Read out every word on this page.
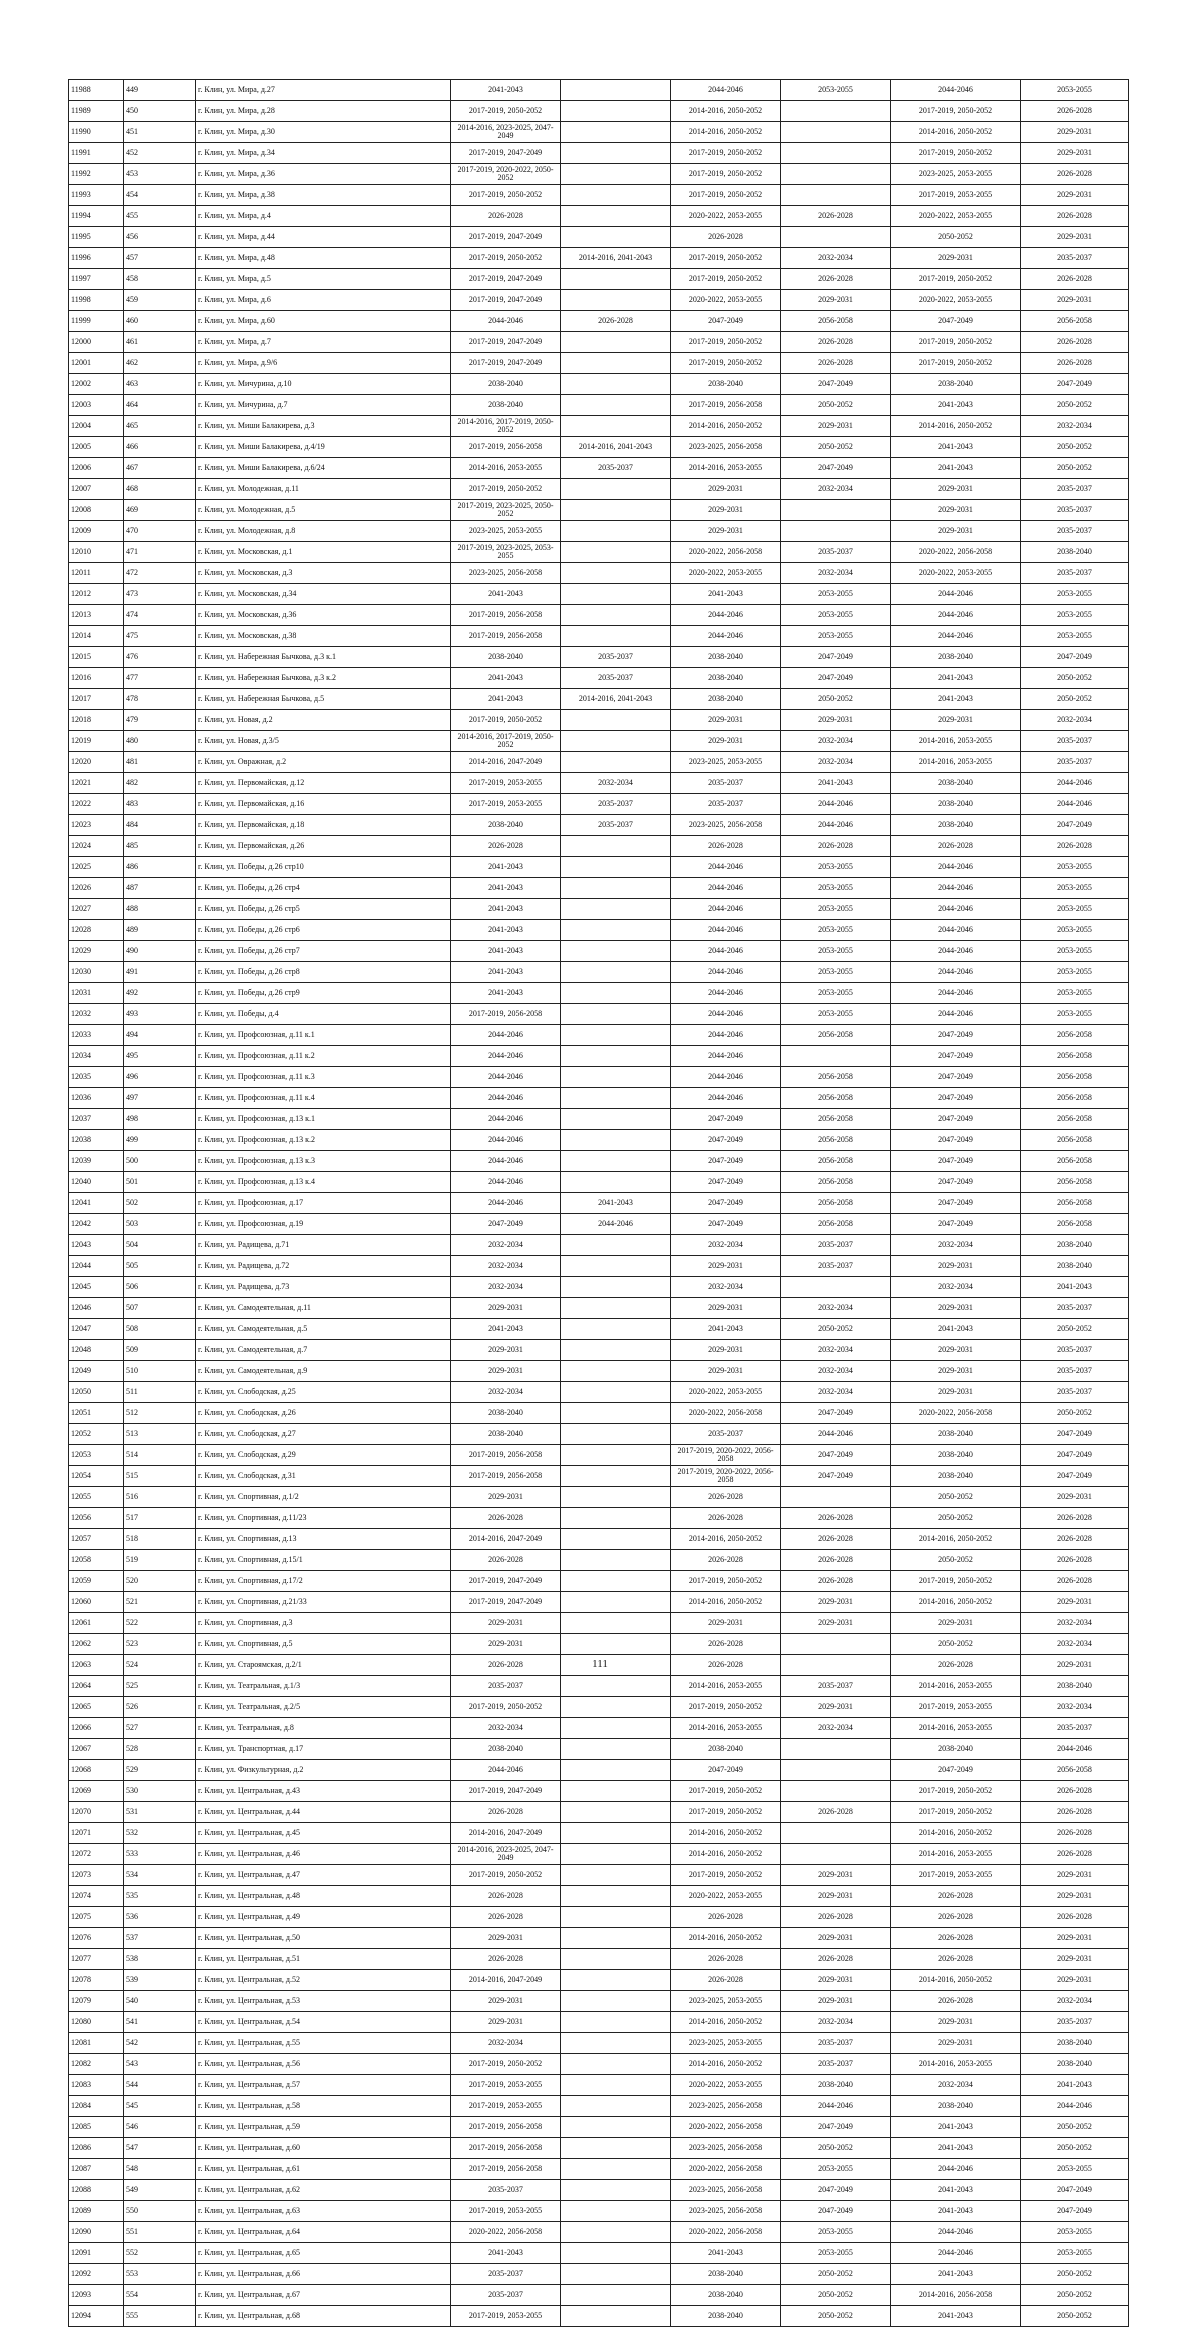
11988	449	г. Клин, ул. Мира, д.27	2041-2043		2044-2046	2053-2055	2044-2046	2053-2055
11989	450	г. Клин, ул. Мира, д.28	2017-2019, 2050-2052		2014-2016, 2050-2052		2017-2019, 2050-2052	2026-2028
11990	451	г. Клин, ул. Мира, д.30	2014-2016, 2023-2025, 2047-2049		2014-2016, 2050-2052		2014-2016, 2050-2052	2029-2031
11991	452	г. Клин, ул. Мира, д.34	2017-2019, 2047-2049		2017-2019, 2050-2052		2017-2019, 2050-2052	2029-2031
11992	453	г. Клин, ул. Мира, д.36	2017-2019, 2020-2022, 2050-2052		2017-2019, 2050-2052		2023-2025, 2053-2055	2026-2028
11993	454	г. Клин, ул. Мира, д.38	2017-2019, 2050-2052		2017-2019, 2050-2052		2017-2019, 2053-2055	2029-2031
11994	455	г. Клин, ул. Мира, д.4	2026-2028		2020-2022, 2053-2055	2026-2028	2020-2022, 2053-2055	2026-2028
11995	456	г. Клин, ул. Мира, д.44	2017-2019, 2047-2049		2026-2028		2050-2052	2029-2031
11996	457	г. Клин, ул. Мира, д.48	2017-2019, 2050-2052	2014-2016, 2041-2043	2017-2019, 2050-2052	2032-2034	2029-2031	2035-2037
11997	458	г. Клин, ул. Мира, д.5	2017-2019, 2047-2049		2017-2019, 2050-2052	2026-2028	2017-2019, 2050-2052	2026-2028
11998	459	г. Клин, ул. Мира, д.6	2017-2019, 2047-2049		2020-2022, 2053-2055	2029-2031	2020-2022, 2053-2055	2029-2031
11999	460	г. Клин, ул. Мира, д.60	2044-2046	2026-2028	2047-2049	2056-2058	2047-2049	2056-2058
12000	461	г. Клин, ул. Мира, д.7	2017-2019, 2047-2049		2017-2019, 2050-2052	2026-2028	2017-2019, 2050-2052	2026-2028
12001	462	г. Клин, ул. Мира, д.9/6	2017-2019, 2047-2049		2017-2019, 2050-2052	2026-2028	2017-2019, 2050-2052	2026-2028
12002	463	г. Клин, ул. Мичурина, д.10	2038-2040		2038-2040	2047-2049	2038-2040	2047-2049
12003	464	г. Клин, ул. Мичурина, д.7	2038-2040		2017-2019, 2056-2058	2050-2052	2041-2043	2050-2052
12004	465	г. Клин, ул. Миши Балакирева, д.3	2014-2016, 2017-2019, 2050-2052		2014-2016, 2050-2052	2029-2031	2014-2016, 2050-2052	2032-2034
12005	466	г. Клин, ул. Миши Балакирева, д.4/19	2017-2019, 2056-2058	2014-2016, 2041-2043	2023-2025, 2056-2058	2050-2052	2041-2043	2050-2052
12006	467	г. Клин, ул. Миши Балакирева, д.6/24	2014-2016, 2053-2055	2035-2037	2014-2016, 2053-2055	2047-2049	2041-2043	2050-2052
12007	468	г. Клин, ул. Молодежная, д.11	2017-2019, 2050-2052		2029-2031	2032-2034	2029-2031	2035-2037
12008	469	г. Клин, ул. Молодежная, д.5	2017-2019, 2023-2025, 2050-2052		2029-2031		2029-2031	2035-2037
12009	470	г. Клин, ул. Молодежная, д.8	2023-2025, 2053-2055		2029-2031		2029-2031	2035-2037
12010	471	г. Клин, ул. Московская, д.1	2017-2019, 2023-2025, 2053-2055		2020-2022, 2056-2058	2035-2037	2020-2022, 2056-2058	2038-2040
12011	472	г. Клин, ул. Московская, д.3	2023-2025, 2056-2058		2020-2022, 2053-2055	2032-2034	2020-2022, 2053-2055	2035-2037
12012	473	г. Клин, ул. Московская, д.34	2041-2043		2041-2043	2053-2055	2044-2046	2053-2055
12013	474	г. Клин, ул. Московская, д.36	2017-2019, 2056-2058		2044-2046	2053-2055	2044-2046	2053-2055
12014	475	г. Клин, ул. Московская, д.38	2017-2019, 2056-2058		2044-2046	2053-2055	2044-2046	2053-2055
12015	476	г. Клин, ул. Набережная Бычкова, д.3 к.1	2038-2040	2035-2037	2038-2040	2047-2049	2038-2040	2047-2049
12016	477	г. Клин, ул. Набережная Бычкова, д.3 к.2	2041-2043	2035-2037	2038-2040	2047-2049	2041-2043	2050-2052
12017	478	г. Клин, ул. Набережная Бычкова, д.5	2041-2043	2014-2016, 2041-2043	2038-2040	2050-2052	2041-2043	2050-2052
12018	479	г. Клин, ул. Новая, д.2	2017-2019, 2050-2052		2029-2031	2029-2031	2029-2031	2032-2034
12019	480	г. Клин, ул. Новая, д.3/5	2014-2016, 2017-2019, 2050-2052		2029-2031	2032-2034	2014-2016, 2053-2055	2035-2037
12020	481	г. Клин, ул. Овражная, д.2	2014-2016, 2047-2049		2023-2025, 2053-2055	2032-2034	2014-2016, 2053-2055	2035-2037
12021	482	г. Клин, ул. Первомайская, д.12	2017-2019, 2053-2055	2032-2034	2035-2037	2041-2043	2038-2040	2044-2046
12022	483	г. Клин, ул. Первомайская, д.16	2017-2019, 2053-2055	2035-2037	2035-2037	2044-2046	2038-2040	2044-2046
12023	484	г. Клин, ул. Первомайская, д.18	2038-2040	2035-2037	2023-2025, 2056-2058	2044-2046	2038-2040	2047-2049
12024	485	г. Клин, ул. Первомайская, д.26	2026-2028		2026-2028	2026-2028	2026-2028	2026-2028
12025	486	г. Клин, ул. Победы, д.26 стр10	2041-2043		2044-2046	2053-2055	2044-2046	2053-2055
12026	487	г. Клин, ул. Победы, д.26 стр4	2041-2043		2044-2046	2053-2055	2044-2046	2053-2055
12027	488	г. Клин, ул. Победы, д.26 стр5	2041-2043		2044-2046	2053-2055	2044-2046	2053-2055
12028	489	г. Клин, ул. Победы, д.26 стр6	2041-2043		2044-2046	2053-2055	2044-2046	2053-2055
12029	490	г. Клин, ул. Победы, д.26 стр7	2041-2043		2044-2046	2053-2055	2044-2046	2053-2055
12030	491	г. Клин, ул. Победы, д.26 стр8	2041-2043		2044-2046	2053-2055	2044-2046	2053-2055
12031	492	г. Клин, ул. Победы, д.26 стр9	2041-2043		2044-2046	2053-2055	2044-2046	2053-2055
12032	493	г. Клин, ул. Победы, д.4	2017-2019, 2056-2058		2044-2046	2053-2055	2044-2046	2053-2055
12033	494	г. Клин, ул. Профсоюзная, д.11 к.1	2044-2046		2044-2046	2056-2058	2047-2049	2056-2058
12034	495	г. Клин, ул. Профсоюзная, д.11 к.2	2044-2046		2044-2046		2047-2049	2056-2058
12035	496	г. Клин, ул. Профсоюзная, д.11 к.3	2044-2046		2044-2046	2056-2058	2047-2049	2056-2058
12036	497	г. Клин, ул. Профсоюзная, д.11 к.4	2044-2046		2044-2046	2056-2058	2047-2049	2056-2058
12037	498	г. Клин, ул. Профсоюзная, д.13 к.1	2044-2046		2047-2049	2056-2058	2047-2049	2056-2058
12038	499	г. Клин, ул. Профсоюзная, д.13 к.2	2044-2046		2047-2049	2056-2058	2047-2049	2056-2058
12039	500	г. Клин, ул. Профсоюзная, д.13 к.3	2044-2046		2047-2049	2056-2058	2047-2049	2056-2058
12040	501	г. Клин, ул. Профсоюзная, д.13 к.4	2044-2046		2047-2049	2056-2058	2047-2049	2056-2058
12041	502	г. Клин, ул. Профсоюзная, д.17	2044-2046	2041-2043	2047-2049	2056-2058	2047-2049	2056-2058
12042	503	г. Клин, ул. Профсоюзная, д.19	2047-2049	2044-2046	2047-2049	2056-2058	2047-2049	2056-2058
12043	504	г. Клин, ул. Радищева, д.71	2032-2034		2032-2034	2035-2037	2032-2034	2038-2040
12044	505	г. Клин, ул. Радищева, д.72	2032-2034		2029-2031	2035-2037	2029-2031	2038-2040
12045	506	г. Клин, ул. Радищева, д.73	2032-2034		2032-2034		2032-2034	2041-2043
12046	507	г. Клин, ул. Самодеятельная, д.11	2029-2031		2029-2031	2032-2034	2029-2031	2035-2037
12047	508	г. Клин, ул. Самодеятельная, д.5	2041-2043		2041-2043	2050-2052	2041-2043	2050-2052
12048	509	г. Клин, ул. Самодеятельная, д.7	2029-2031		2029-2031	2032-2034	2029-2031	2035-2037
12049	510	г. Клин, ул. Самодеятельная, д.9	2029-2031		2029-2031	2032-2034	2029-2031	2035-2037
12050	511	г. Клин, ул. Слободская, д.25	2032-2034		2020-2022, 2053-2055	2032-2034	2029-2031	2035-2037
12051	512	г. Клин, ул. Слободская, д.26	2038-2040		2020-2022, 2056-2058	2047-2049	2020-2022, 2056-2058	2050-2052
12052	513	г. Клин, ул. Слободская, д.27	2038-2040		2035-2037	2044-2046	2038-2040	2047-2049
12053	514	г. Клин, ул. Слободская, д.29	2017-2019, 2056-2058		2017-2019, 2020-2022, 2056-2058	2047-2049	2038-2040	2047-2049
12054	515	г. Клин, ул. Слободская, д.31	2017-2019, 2056-2058		2017-2019, 2020-2022, 2056-2058	2047-2049	2038-2040	2047-2049
12055	516	г. Клин, ул. Спортивная, д.1/2	2029-2031		2026-2028		2050-2052	2029-2031
12056	517	г. Клин, ул. Спортивная, д.11/23	2026-2028		2026-2028	2026-2028	2050-2052	2026-2028
12057	518	г. Клин, ул. Спортивная, д.13	2014-2016, 2047-2049		2014-2016, 2050-2052	2026-2028	2014-2016, 2050-2052	2026-2028
12058	519	г. Клин, ул. Спортивная, д.15/1	2026-2028		2026-2028	2026-2028	2050-2052	2026-2028
12059	520	г. Клин, ул. Спортивная, д.17/2	2017-2019, 2047-2049		2017-2019, 2050-2052	2026-2028	2017-2019, 2050-2052	2026-2028
12060	521	г. Клин, ул. Спортивная, д.21/33	2017-2019, 2047-2049		2014-2016, 2050-2052	2029-2031	2014-2016, 2050-2052	2029-2031
12061	522	г. Клин, ул. Спортивная, д.3	2029-2031		2029-2031	2029-2031	2029-2031	2032-2034
12062	523	г. Клин, ул. Спортивная, д.5	2029-2031		2026-2028		2050-2052	2032-2034
12063	524	г. Клин, ул. Староямская, д.2/1	2026-2028		2026-2028		2026-2028	2029-2031
12064	525	г. Клин, ул. Театральная, д.1/3	2035-2037		2014-2016, 2053-2055	2035-2037	2014-2016, 2053-2055	2038-2040
12065	526	г. Клин, ул. Театральная, д.2/5	2017-2019, 2050-2052		2017-2019, 2050-2052	2029-2031	2017-2019, 2053-2055	2032-2034
12066	527	г. Клин, ул. Театральная, д.8	2032-2034		2014-2016, 2053-2055	2032-2034	2014-2016, 2053-2055	2035-2037
12067	528	г. Клин, ул. Транспортная, д.17	2038-2040		2038-2040		2038-2040	2044-2046
12068	529	г. Клин, ул. Физкультурная, д.2	2044-2046		2047-2049		2047-2049	2056-2058
12069	530	г. Клин, ул. Центральная, д.43	2017-2019, 2047-2049		2017-2019, 2050-2052		2017-2019, 2050-2052	2026-2028
12070	531	г. Клин, ул. Центральная, д.44	2026-2028		2017-2019, 2050-2052	2026-2028	2017-2019, 2050-2052	2026-2028
12071	532	г. Клин, ул. Центральная, д.45	2014-2016, 2047-2049		2014-2016, 2050-2052		2014-2016, 2050-2052	2026-2028
12072	533	г. Клин, ул. Центральная, д.46	2014-2016, 2023-2025, 2047-2049		2014-2016, 2050-2052		2014-2016, 2053-2055	2026-2028
12073	534	г. Клин, ул. Центральная, д.47	2017-2019, 2050-2052		2017-2019, 2050-2052	2029-2031	2017-2019, 2053-2055	2029-2031
12074	535	г. Клин, ул. Центральная, д.48	2026-2028		2020-2022, 2053-2055	2029-2031	2026-2028	2029-2031
12075	536	г. Клин, ул. Центральная, д.49	2026-2028		2026-2028	2026-2028	2026-2028	2026-2028
12076	537	г. Клин, ул. Центральная, д.50	2029-2031		2014-2016, 2050-2052	2029-2031	2026-2028	2029-2031
12077	538	г. Клин, ул. Центральная, д.51	2026-2028		2026-2028	2026-2028	2026-2028	2029-2031
12078	539	г. Клин, ул. Центральная, д.52	2014-2016, 2047-2049		2026-2028	2029-2031	2014-2016, 2050-2052	2029-2031
12079	540	г. Клин, ул. Центральная, д.53	2029-2031		2023-2025, 2053-2055	2029-2031	2026-2028	2032-2034
12080	541	г. Клин, ул. Центральная, д.54	2029-2031		2014-2016, 2050-2052	2032-2034	2029-2031	2035-2037
12081	542	г. Клин, ул. Центральная, д.55	2032-2034		2023-2025, 2053-2055	2035-2037	2029-2031	2038-2040
12082	543	г. Клин, ул. Центральная, д.56	2017-2019, 2050-2052		2014-2016, 2050-2052	2035-2037	2014-2016, 2053-2055	2038-2040
12083	544	г. Клин, ул. Центральная, д.57	2017-2019, 2053-2055		2020-2022, 2053-2055	2038-2040	2032-2034	2041-2043
12084	545	г. Клин, ул. Центральная, д.58	2017-2019, 2053-2055		2023-2025, 2056-2058	2044-2046	2038-2040	2044-2046
12085	546	г. Клин, ул. Центральная, д.59	2017-2019, 2056-2058		2020-2022, 2056-2058	2047-2049	2041-2043	2050-2052
12086	547	г. Клин, ул. Центральная, д.60	2017-2019, 2056-2058		2023-2025, 2056-2058	2050-2052	2041-2043	2050-2052
12087	548	г. Клин, ул. Центральная, д.61	2017-2019, 2056-2058		2020-2022, 2056-2058	2053-2055	2044-2046	2053-2055
12088	549	г. Клин, ул. Центральная, д.62	2035-2037		2023-2025, 2056-2058	2047-2049	2041-2043	2047-2049
12089	550	г. Клин, ул. Центральная, д.63	2017-2019, 2053-2055		2023-2025, 2056-2058	2047-2049	2041-2043	2047-2049
12090	551	г. Клин, ул. Центральная, д.64	2020-2022, 2056-2058		2020-2022, 2056-2058	2053-2055	2044-2046	2053-2055
12091	552	г. Клин, ул. Центральная, д.65	2041-2043		2041-2043	2053-2055	2044-2046	2053-2055
12092	553	г. Клин, ул. Центральная, д.66	2035-2037		2038-2040	2050-2052	2041-2043	2050-2052
12093	554	г. Клин, ул. Центральная, д.67	2035-2037		2038-2040	2050-2052	2014-2016, 2056-2058	2050-2052
12094	555	г. Клин, ул. Центральная, д.68	2017-2019, 2053-2055		2038-2040	2050-2052	2041-2043	2050-2052
111
